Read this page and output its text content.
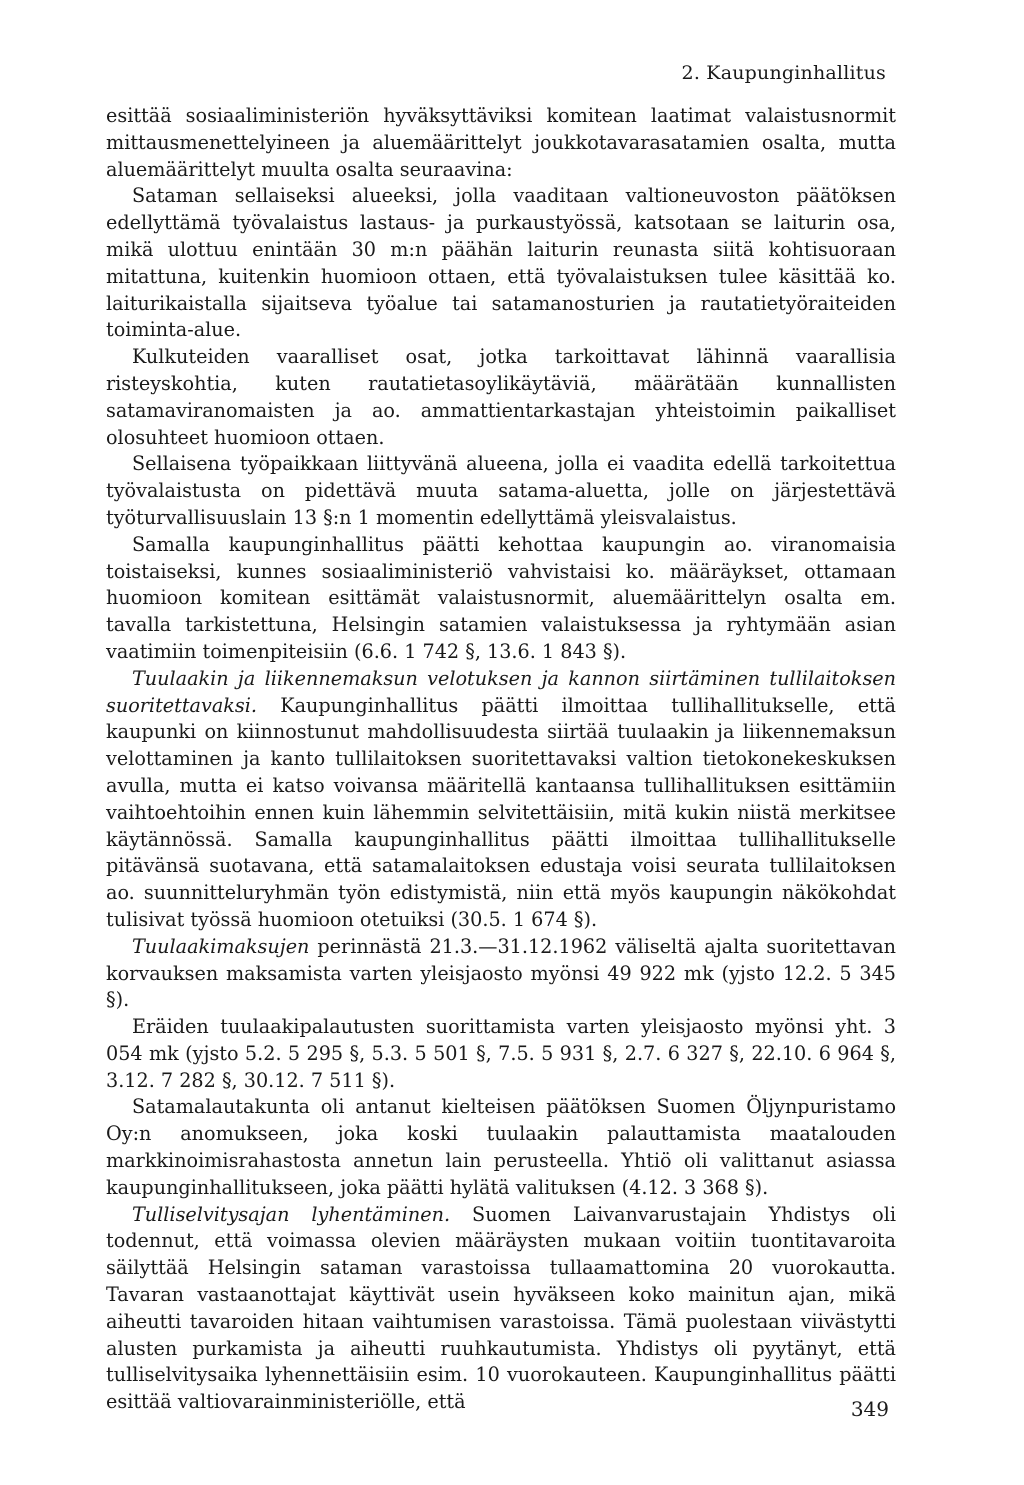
2. Kaupunginhallitus

esittää sosiaaliministeriön hyväksyttäviksi komitean laatimat valaistusnormit mittausmenettelyineen ja aluemäärittelyt joukkotavarasatamien osalta, mutta aluemäärittelyt muulta osalta seuraavina:

Sataman sellaiseksi alueeksi, jolla vaaditaan valtioneuvoston päätöksen edellyttämä työvalaistus lastaus- ja purkaustyössä, katsotaan se laiturin osa, mikä ulottuu enintään 30 m:n päähän laiturin reunasta siitä kohtisuoraan mitattuna, kuitenkin huomioon ottaen, että työvalaistuksen tulee käsittää ko. laiturikaistalla sijaitseva työalue tai satamanosturien ja rautatietyöraiteiden toiminta-alue.

Kulkuteiden vaaralliset osat, jotka tarkoittavat lähinnä vaarallisia risteyskohtia, kuten rautatietasoylikäytäviä, määrätään kunnallisten satamaviranomaisten ja ao. ammattientarkastajan yhteistoimin paikalliset olosuhteet huomioon ottaen.

Sellaisena työpaikkaan liittyvänä alueena, jolla ei vaadita edellä tarkoitettua työvalaistusta on pidettävä muuta satama-aluetta, jolle on järjestettävä työturvallisuuslain 13 §:n 1 momentin edellyttämä yleisvalaistus.

Samalla kaupunginhallitus päätti kehottaa kaupungin ao. viranomaisia toistaiseksi, kunnes sosiaaliministeriö vahvistaisi ko. määräykset, ottamaan huomioon komitean esittämät valaistusnormit, aluemäärittelyn osalta em. tavalla tarkistettuna, Helsingin satamien valaistuksessa ja ryhtymään asian vaatimiin toimenpiteisiin (6.6. 1 742 §, 13.6. 1 843 §).

Tuulaakin ja liikennemaksun velotuksen ja kannon siirtäminen tullilaitoksen suoritettavaksi. Kaupunginhallitus päätti ilmoittaa tullihallitukselle, että kaupunki on kiinnostunut mahdollisuudesta siirtää tuulaakin ja liikennemaksun velottaminen ja kanto tullilaitoksen suoritettavaksi valtion tietokonekeskuksen avulla, mutta ei katso voivansa määritellä kantaansa tullihallituksen esittämiin vaihtoehtoihin ennen kuin lähemmin selvitettäisiin, mitä kukin niistä merkitsee käytännössä. Samalla kaupunginhallitus päätti ilmoittaa tullihallitukselle pitävänsä suotavana, että satamalaitoksen edustaja voisi seurata tullilaitoksen ao. suunnitteluryhmän työn edistymistä, niin että myös kaupungin näkökohdat tulisivat työssä huomioon otetuiksi (30.5. 1 674 §).

Tuulaakimaksujen perinnästä 21.3.—31.12.1962 väliseltä ajalta suoritettavan korvauksen maksamista varten yleisjaosto myönsi 49 922 mk (yjsto 12.2. 5 345 §).

Eräiden tuulaakipalautusten suorittamista varten yleisjaosto myönsi yht. 3 054 mk (yjsto 5.2. 5 295 §, 5.3. 5 501 §, 7.5. 5 931 §, 2.7. 6 327 §, 22.10. 6 964 §, 3.12. 7 282 §, 30.12. 7 511 §).

Satamalautakunta oli antanut kielteisen päätöksen Suomen Öljynpuristamo Oy:n anomukseen, joka koski tuulaakin palauttamista maatalouden markkinoimisrahastosta annetun lain perusteella. Yhtiö oli valittanut asiassa kaupunginhallitukseen, joka päätti hylätä valituksen (4.12. 3 368 §).

Tulliselvitysajan lyhentäminen. Suomen Laivanvarustajain Yhdistys oli todennut, että voimassa olevien määräysten mukaan voitiin tuontitavaroita säilyttää Helsingin sataman varastoissa tullaamattomina 20 vuorokautta. Tavaran vastaanottajat käyttivät usein hyväkseen koko mainitun ajan, mikä aiheutti tavaroiden hitaan vaihtumisen varastoissa. Tämä puolestaan viivästytti alusten purkamista ja aiheutti ruuhkautumista. Yhdistys oli pyytänyt, että tulliselvitysaika lyhennettäisiin esim. 10 vuorokauteen. Kaupunginhallitus päätti esittää valtiovarainministeriölle, että	349
